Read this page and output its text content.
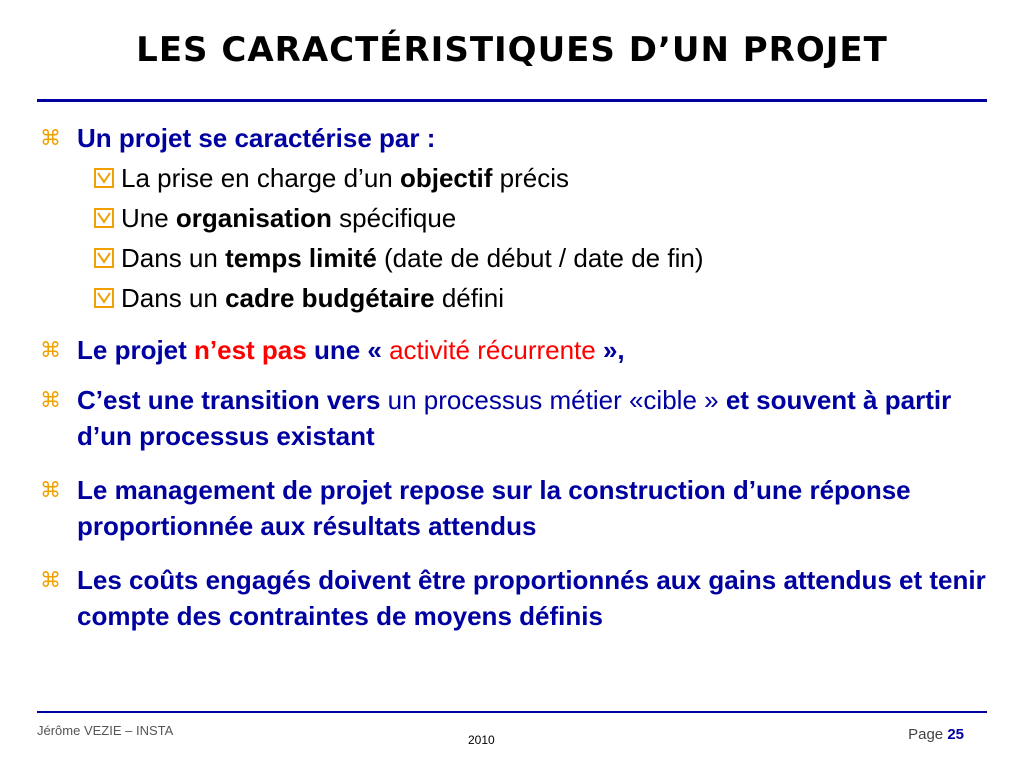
LES CARACTÉRISTIQUES D’UN PROJET
⌘ Un projet se caractérise par :
La prise en charge d’un objectif précis
Une organisation spécifique
Dans un temps limité (date de début / date de fin)
Dans un cadre budgétaire défini
⌘ Le projet n’est pas une « activité récurrente »,
⌘ C’est une transition vers un processus métier «cible » et souvent à partir d’un processus existant
⌘ Le management de projet repose sur la construction d’une réponse proportionnée aux résultats attendus
⌘ Les coûts engagés doivent être proportionnés aux gains attendus et tenir compte des contraintes de moyens définis
Jérôme VEZIE – INSTA
2010	Page 25
